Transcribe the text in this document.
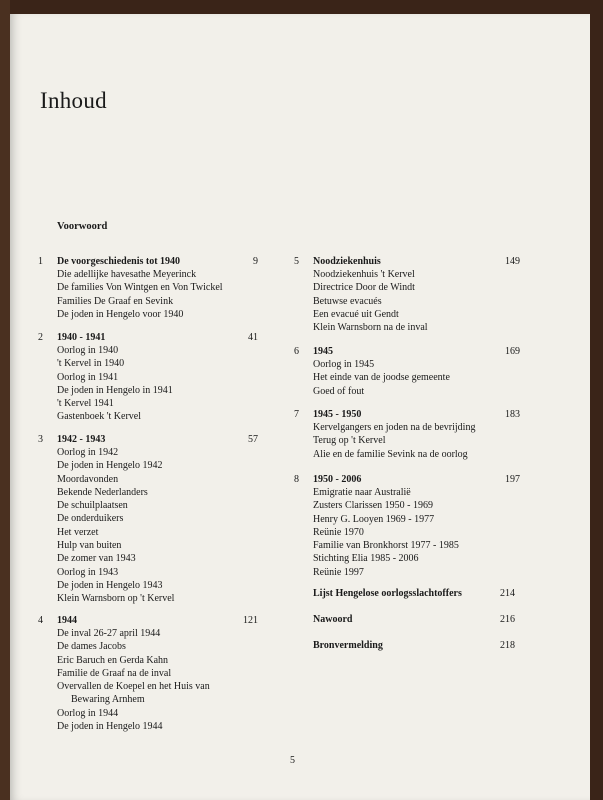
Inhoud
Voorwoord
1	De voorgeschiedenis tot 1940	9
Die adellijke havesathe Meyerinck
De families Von Wintgen en Von Twickel
Families De Graaf en Sevink
De joden in Hengelo voor 1940
2	1940 - 1941	41
Oorlog in 1940
't Kervel in 1940
Oorlog in 1941
De joden in Hengelo in 1941
't Kervel 1941
Gastenboek 't Kervel
3	1942 - 1943	57
Oorlog in 1942
De joden in Hengelo 1942
Moordavonden
Bekende Nederlanders
De schuilplaatsen
De onderduikers
Het verzet
Hulp van buiten
De zomer van 1943
Oorlog in 1943
De joden in Hengelo 1943
Klein Warnsborn op 't Kervel
4	1944	121
De inval 26-27 april 1944
De dames Jacobs
Eric Baruch en Gerda Kahn
Familie de Graaf na de inval
Overvallen de Koepel en het Huis van
Bewaring Arnhem
Oorlog in 1944
De joden in Hengelo 1944
5	Noodziekenhuis	149
Noodziekenhuis 't Kervel
Directrice Door de Windt
Betuwse evacués
Een evacué uit Gendt
Klein Warnsborn na de inval
6	1945	169
Oorlog in 1945
Het einde van de joodse gemeente
Goed of fout
7	1945 - 1950	183
Kervelgangers en joden na de bevrijding
Terug op 't Kervel
Alie en de familie Sevink na de oorlog
8	1950 - 2006	197
Emigratie naar Australië
Zusters Clarissen 1950 - 1969
Henry G. Looyen 1969 - 1977
Reünie 1970
Familie van Bronkhorst 1977 - 1985
Stichting Elia 1985 - 2006
Reünie 1997
Lijst Hengelose oorlogsslachtoffers	214
Nawoord	216
Bronvermelding	218
5
